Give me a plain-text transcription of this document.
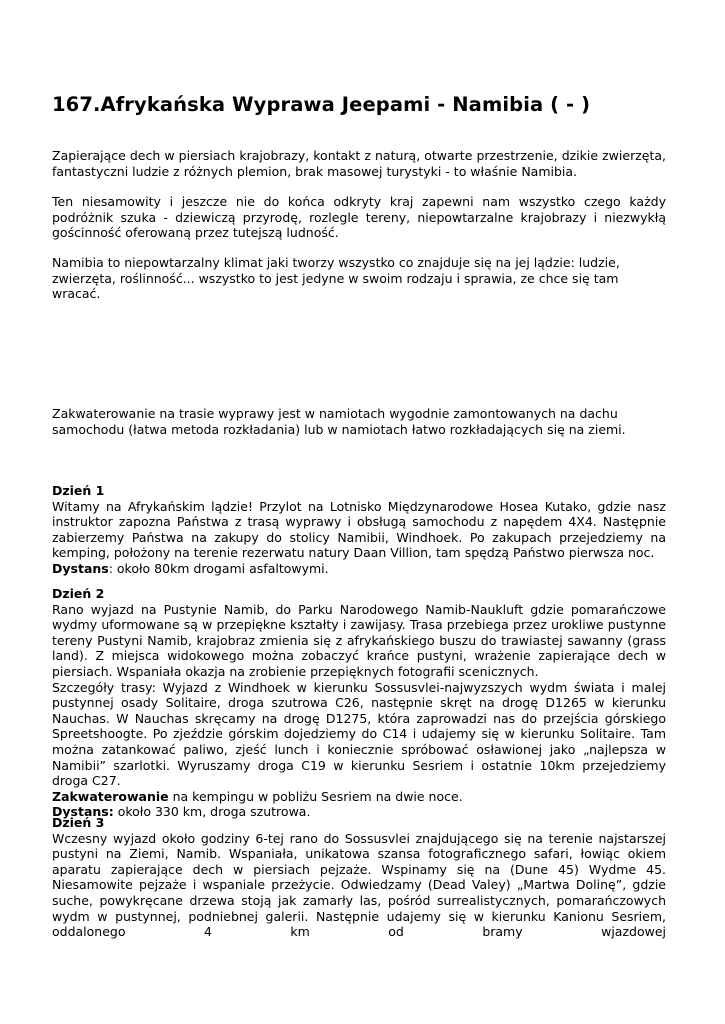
167.Afrykańska Wyprawa Jeepami - Namibia ( - )

Zapierające dech w piersiach krajobrazy, kontakt z naturą, otwarte przestrzenie, dzikie zwierzęta, fantastyczni ludzie z różnych plemion, brak masowej turystyki - to właśnie Namibia.

Ten niesamowity i jeszcze nie do końca odkryty kraj zapewni nam wszystko czego każdy podróżnik szuka - dziewiczą przyrodę, rozlegle tereny, niepowtarzalne krajobrazy i niezwykłą gościnność oferowaną przez tutejszą ludność.

Namibia to niepowtarzalny klimat jaki tworzy wszystko co znajduje się na jej lądzie: ludzie, zwierzęta, roślinność... wszystko to jest jedyne w swoim rodzaju i sprawia, ze chce się tam wracać.

Zakwaterowanie na trasie wyprawy jest w namiotach wygodnie zamontowanych na dachu samochodu (łatwa metoda rozkładania) lub w namiotach łatwo rozkładających się na ziemi.

Dzień 1

Witamy na Afrykańskim lądzie! Przylot na Lotnisko Międzynarodowe Hosea Kutako, gdzie nasz instruktor zapozna Państwa z trasą wyprawy i obsługą samochodu z napędem 4X4. Następnie zabierzemy Państwa na zakupy do stolicy Namibii, Windhoek. Po zakupach przejedziemy na kemping, położony na terenie rezerwatu natury Daan Villion, tam spędzą Państwo pierwsza noc.

Dystans: około 80km drogami asfaltowymi.

Dzień 2

Rano wyjazd na Pustynie Namib, do Parku Narodowego Namib-Naukluft gdzie pomarańczowe wydmy uformowane są w przepiękne kształty i zawijasy. Trasa przebiega przez urokliwe pustynne tereny Pustyni Namib, krajobraz zmienia się z afrykańskiego buszu do trawiastej sawanny (grass land). Z miejsca widokowego można zobaczyć krańce pustyni, wrażenie zapierające dech w piersiach. Wspaniała okazja na zrobienie przepięknych fotografii scenicznych.

Szczegóły trasy: Wyjazd z Windhoek w kierunku Sossusvlei-najwyzszych wydm świata i malej pustynnej osady Solitaire, droga szutrowa C26, następnie skręt na drogę D1265 w kierunku Nauchas. W Nauchas skręcamy na drogę D1275, która zaprowadzi nas do przejścia górskiego Spreetshoogte. Po zjeździe górskim dojedziemy do C14 i udajemy się w kierunku Solitaire. Tam można zatankować paliwo, zjeść lunch i koniecznie spróbować osławionej jako „najlepsza w Namibii” szarlotki. Wyruszamy droga C19 w kierunku Sesriem i ostatnie 10km przejedziemy droga C27.

Zakwaterowanie na kempingu w pobliżu Sesriem na dwie noce.

Dystans: około 330 km, droga szutrowa.

Dzień 3

Wczesny wyjazd około godziny 6-tej rano do Sossusvlei znajdującego się na terenie najstarszej pustyni na Ziemi, Namib. Wspaniała, unikatowa szansa fotograficznego safari, łowiąc okiem aparatu zapierające dech w piersiach pejzaże. Wspinamy się na (Dune 45) Wydme 45. Niesamowite pejzaże i wspaniale przeżycie. Odwiedzamy (Dead Valey) „Martwa Dolinę”, gdzie suche, powykręcane drzewa stoją jak zamarły las, pośród surrealistycznych, pomarańczowych wydm w pustynnej, podniebnej galerii. Następnie udajemy się w kierunku Kanionu Sesriem, oddalonego 4 km od bramy wjazdowej
